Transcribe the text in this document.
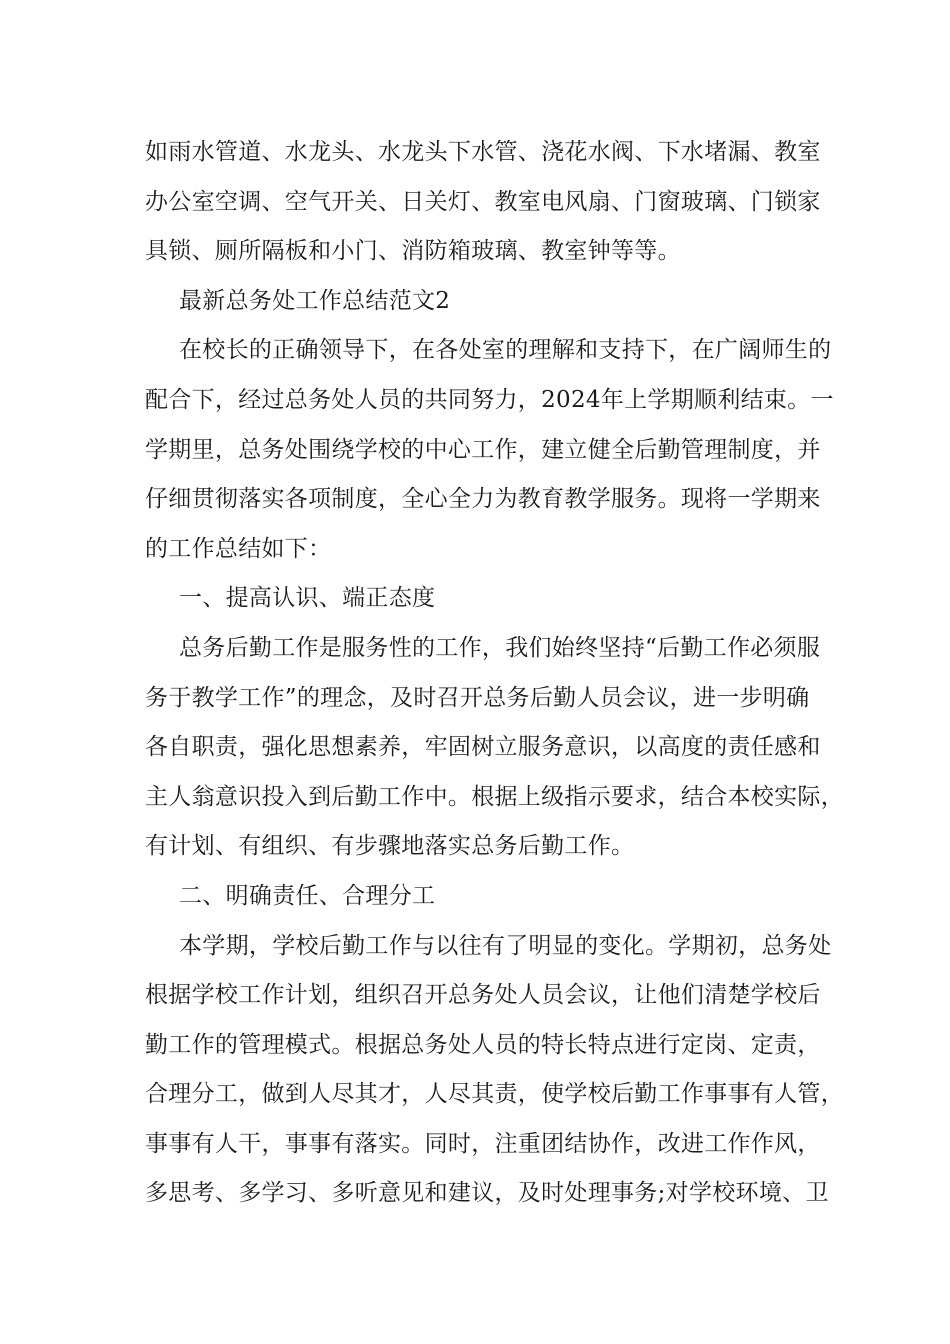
如雨水管道、水龙头、水龙头下水管、浇花水阀、下水堵漏、教室
办公室空调、空气开关、日关灯、教室电风扇、门窗玻璃、门锁家
具锁、厕所隔板和小门、消防箱玻璃、教室钟等等。
最新总务处工作总结范文2
在校长的正确领导下，在各处室的理解和支持下，在广阔师生的
配合下，经过总务处人员的共同努力，2024年上学期顺利结束。一
学期里，总务处围绕学校的中心工作，建立健全后勤管理制度，并
仔细贯彻落实各项制度，全心全力为教育教学服务。现将一学期来
的工作总结如下：
一、提高认识、端正态度
总务后勤工作是服务性的工作，我们始终坚持“后勤工作必须服
务于教学工作”的理念，及时召开总务后勤人员会议，进一步明确
各自职责，强化思想素养，牢固树立服务意识，以高度的责任感和
主人翁意识投入到后勤工作中。根据上级指示要求，结合本校实际，
有计划、有组织、有步骤地落实总务后勤工作。
二、明确责任、合理分工
本学期，学校后勤工作与以往有了明显的变化。学期初，总务处
根据学校工作计划，组织召开总务处人员会议，让他们清楚学校后
勤工作的管理模式。根据总务处人员的特长特点进行定岗、定责，
合理分工，做到人尽其才，人尽其责，使学校后勤工作事事有人管，
事事有人干，事事有落实。同时，注重团结协作，改进工作作风，
多思考、多学习、多听意见和建议，及时处理事务;对学校环境、卫
